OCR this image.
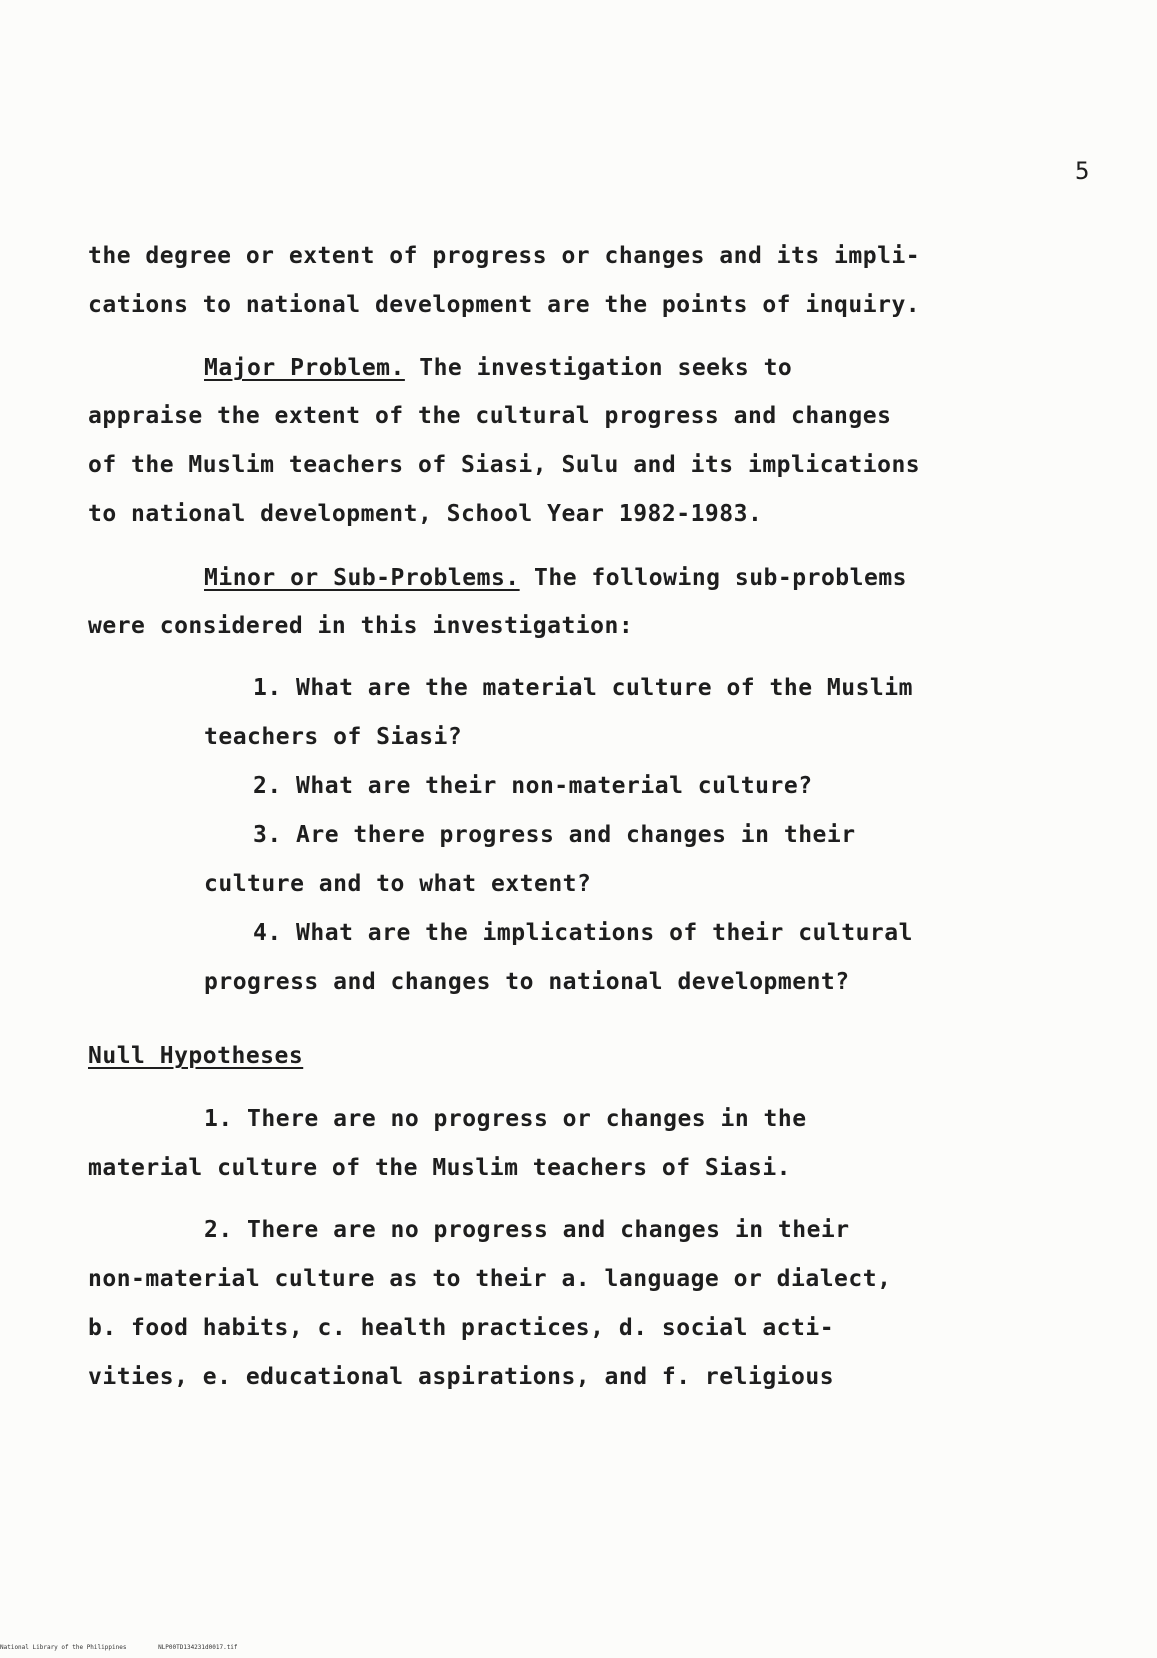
5
the degree or extent of progress or changes and its impli-
cations to national development are the points of inquiry.
Major Problem. The investigation seeks to
appraise the extent of the cultural progress and changes
of the Muslim teachers of Siasi, Sulu and its implications
to national development, School Year 1982-1983.
Minor or Sub-Problems. The following sub-problems
were considered in this investigation:
1. What are the material culture of the Muslim
teachers of Siasi?
2. What are their non-material culture?
3. Are there progress and changes in their
culture and to what extent?
4. What are the implications of their cultural
progress and changes to national development?
Null Hypotheses
1. There are no progress or changes in the
material culture of the Muslim teachers of Siasi.
2. There are no progress and changes in their
non-material culture as to their a. language or dialect,
b. food habits, c. health practices, d. social acti-
vities, e. educational aspirations, and f. religious
National Library of the Philippines	NLP00TD134231d0017.tif
